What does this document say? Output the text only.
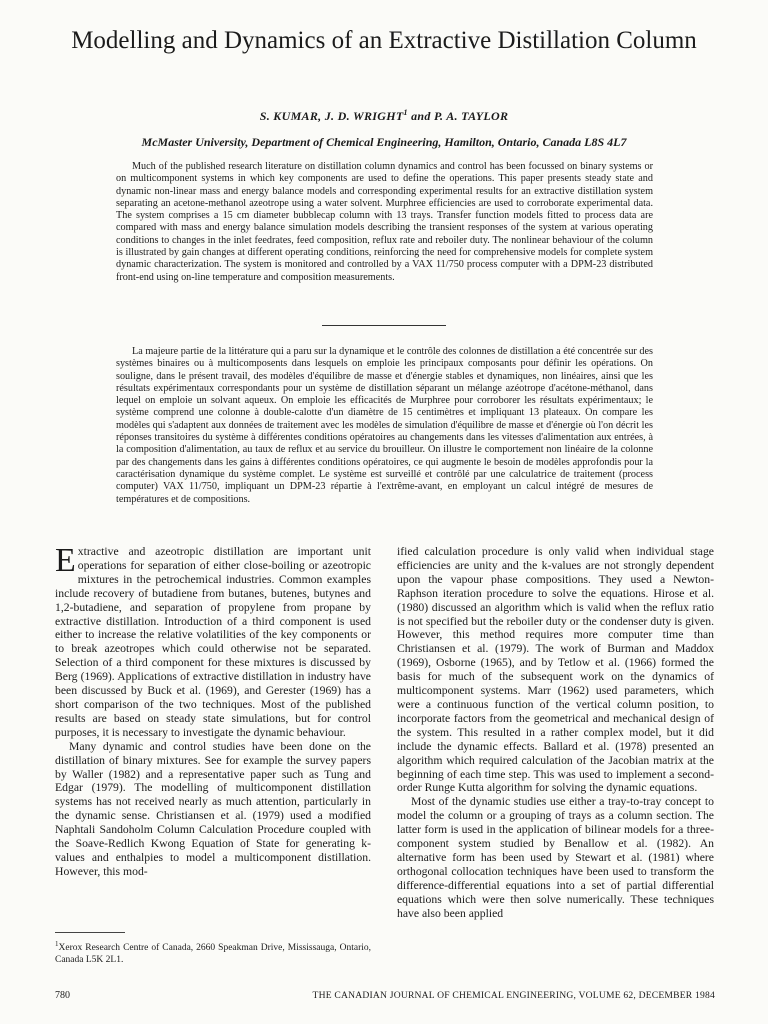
Modelling and Dynamics of an Extractive Distillation Column
S. KUMAR, J. D. WRIGHT$^1$ and P. A. TAYLOR
McMaster University, Department of Chemical Engineering, Hamilton, Ontario, Canada L8S 4L7

Much of the published research literature on distillation column dynamics and control has been focussed on binary systems or on multicomponent systems in which key components are used to define the operations. This paper presents steady state and dynamic non-linear mass and energy balance models and corresponding experimental results for an extractive distillation system separating an acetone-methanol azeotrope using a water solvent. Murphree efficiencies are used to corroborate experimental data. The system comprises a 15 cm diameter bubblecap column with 13 trays. Transfer function models fitted to process data are compared with mass and energy balance simulation models describing the transient responses of the system at various operating conditions to changes in the inlet feedrates, feed composition, reflux rate and reboiler duty. The nonlinear behaviour of the column is illustrated by gain changes at different operating conditions, reinforcing the need for comprehensive models for complete system dynamic characterization. The system is monitored and controlled by a VAX 11/750 process computer with a DPM-23 distributed front-end using on-line temperature and composition measurements.

La majeure partie de la littérature qui a paru sur la dynamique et le contrôle des colonnes de distillation a été concentrée sur des systèmes binaires ou à multicomposents dans lesquels on emploie les principaux composants pour définir les opérations. On souligne, dans le présent travail, des modèles d'équilibre de masse et d'énergie stables et dynamiques, non linéaires, ainsi que les résultats expérimentaux correspondants pour un système de distillation séparant un mélange azéotrope d'acétone-méthanol, dans lequel on emploie un solvant aqueux. On emploie les efficacités de Murphree pour corroborer les résultats expérimentaux; le système comprend une colonne à double-calotte d'un diamètre de 15 centimètres et impliquant 13 plateaux. On compare les modèles qui s'adaptent aux données de traitement avec les modèles de simulation d'équilibre de masse et d'énergie où l'on décrit les réponses transitoires du système à différentes conditions opératoires au changements dans les vitesses d'alimentation aux entrées, à la composition d'alimentation, au taux de reflux et au service du brouilleur. On illustre le comportement non linéaire de la colonne par des changements dans les gains à différentes conditions opératoires, ce qui augmente le besoin de modèles approfondis pour la caractérisation dynamique du système complet. Le système est surveillé et contrôlé par une calculatrice de traitement (process computer) VAX 11/750, impliquant un DPM-23 répartie à l'extrême-avant, en employant un calcul intégré de mesures de températures et de compositions.

Extractive and azeotropic distillation are important unit operations for separation of either close-boiling or azeotropic mixtures in the petrochemical industries. Common examples include recovery of butadiene from butanes, butenes, butynes and 1,2-butadiene, and separation of propylene from propane by extractive distillation. Introduction of a third component is used either to increase the relative volatilities of the key components or to break azeotropes which could otherwise not be separated. Selection of a third component for these mixtures is discussed by Berg (1969). Applications of extractive distillation in industry have been discussed by Buck et al. (1969), and Gerester (1969) has a short comparison of the two techniques. Most of the published results are based on steady state simulations, but for control purposes, it is necessary to investigate the dynamic behaviour.

Many dynamic and control studies have been done on the distillation of binary mixtures. See for example the survey papers by Waller (1982) and a representative paper such as Tung and Edgar (1979). The modelling of multicomponent distillation systems has not received nearly as much attention, particularly in the dynamic sense. Christiansen et al. (1979) used a modified Naphtali Sandoholm Column Calculation Procedure coupled with the Soave-Redlich Kwong Equation of State for generating k-values and enthalpies to model a multicomponent distillation. However, this mod-

ified calculation procedure is only valid when individual stage efficiencies are unity and the k-values are not strongly dependent upon the vapour phase compositions. They used a Newton-Raphson iteration procedure to solve the equations. Hirose et al. (1980) discussed an algorithm which is valid when the reflux ratio is not specified but the reboiler duty or the condenser duty is given. However, this method requires more computer time than Christiansen et al. (1979). The work of Burman and Maddox (1969), Osborne (1965), and by Tetlow et al. (1966) formed the basis for much of the subsequent work on the dynamics of multicomponent systems. Marr (1962) used parameters, which were a continuous function of the vertical column position, to incorporate factors from the geometrical and mechanical design of the system. This resulted in a rather complex model, but it did include the dynamic effects. Ballard et al. (1978) presented an algorithm which required calculation of the Jacobian matrix at the beginning of each time step. This was used to implement a second-order Runge Kutta algorithm for solving the dynamic equations.

Most of the dynamic studies use either a tray-to-tray concept to model the column or a grouping of trays as a column section. The latter form is used in the application of bilinear models for a three-component system studied by Benallow et al. (1982). An alternative form has been used by Stewart et al. (1981) where orthogonal collocation techniques have been used to transform the difference-differential equations into a set of partial differential equations which were then solve numerically. These techniques have also been applied

$^1$Xerox Research Centre of Canada, 2660 Speakman Drive, Mississauga, Ontario, Canada L5K 2L1.
780	THE CANADIAN JOURNAL OF CHEMICAL ENGINEERING, VOLUME 62, DECEMBER 1984
